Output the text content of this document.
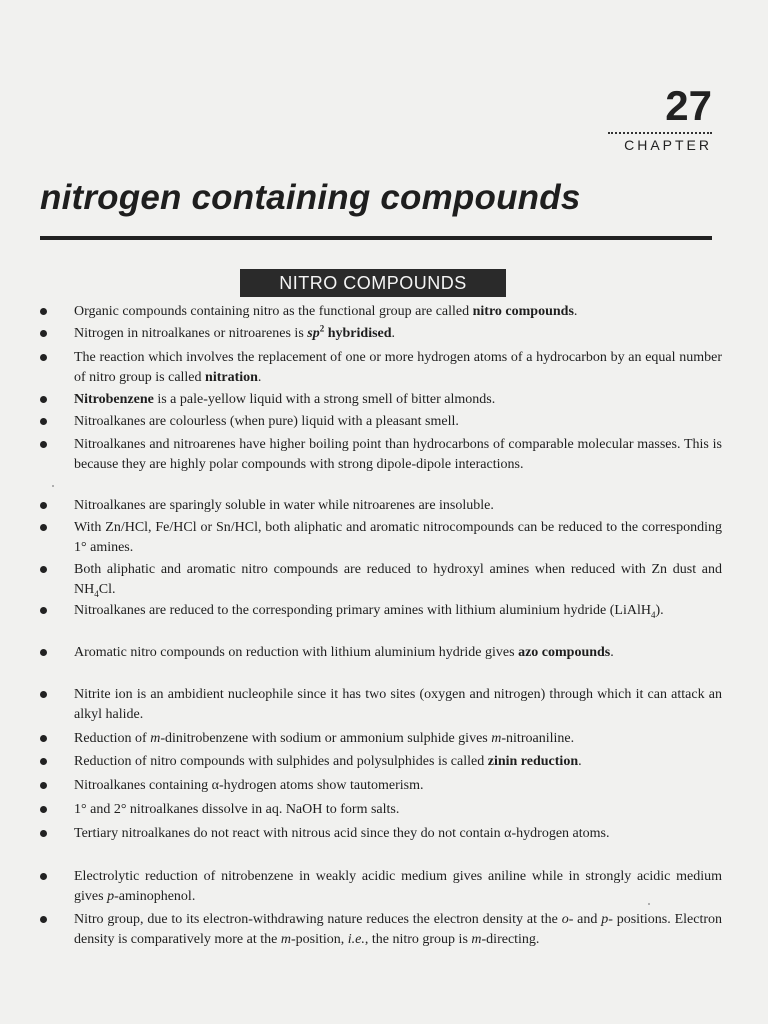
27
CHAPTER
nitrogen containing compounds
NITRO COMPOUNDS
Organic compounds containing nitro as the functional group are called nitro compounds.
Nitrogen in nitroalkanes or nitroarenes is $sp^2$ hybridised.
The reaction which involves the replacement of one or more hydrogen atoms of a hydrocarbon by an equal number of nitro group is called nitration.
Nitrobenzene is a pale-yellow liquid with a strong smell of bitter almonds.
Nitroalkanes are colourless (when pure) liquid with a pleasant smell.
Nitroalkanes and nitroarenes have higher boiling point than hydrocarbons of comparable molecular masses. This is because they are highly polar compounds with strong dipole-dipole interactions.
Nitroalkanes are sparingly soluble in water while nitroarenes are insoluble.
With Zn/HCl, Fe/HCl or Sn/HCl, both aliphatic and aromatic nitrocompounds can be reduced to the corresponding 1° amines.
Both aliphatic and aromatic nitro compounds are reduced to hydroxyl amines when reduced with Zn dust and $NH_4Cl$.
Nitroalkanes are reduced to the corresponding primary amines with lithium aluminium hydride (LiAlH$_4$).
Aromatic nitro compounds on reduction with lithium aluminium hydride gives azo compounds.
Nitrite ion is an ambidient nucleophile since it has two sites (oxygen and nitrogen) through which it can attack an alkyl halide.
Reduction of m-dinitrobenzene with sodium or ammonium sulphide gives m-nitroaniline.
Reduction of nitro compounds with sulphides and polysulphides is called zinin reduction.
Nitroalkanes containing α-hydrogen atoms show tautomerism.
1° and 2° nitroalkanes dissolve in aq. NaOH to form salts.
Tertiary nitroalkanes do not react with nitrous acid since they do not contain α-hydrogen atoms.
Electrolytic reduction of nitrobenzene in weakly acidic medium gives aniline while in strongly acidic medium gives p-aminophenol.
Nitro group, due to its electron-withdrawing nature reduces the electron density at the o- and p- positions. Electron density is comparatively more at the m-position, i.e., the nitro group is m-directing.
